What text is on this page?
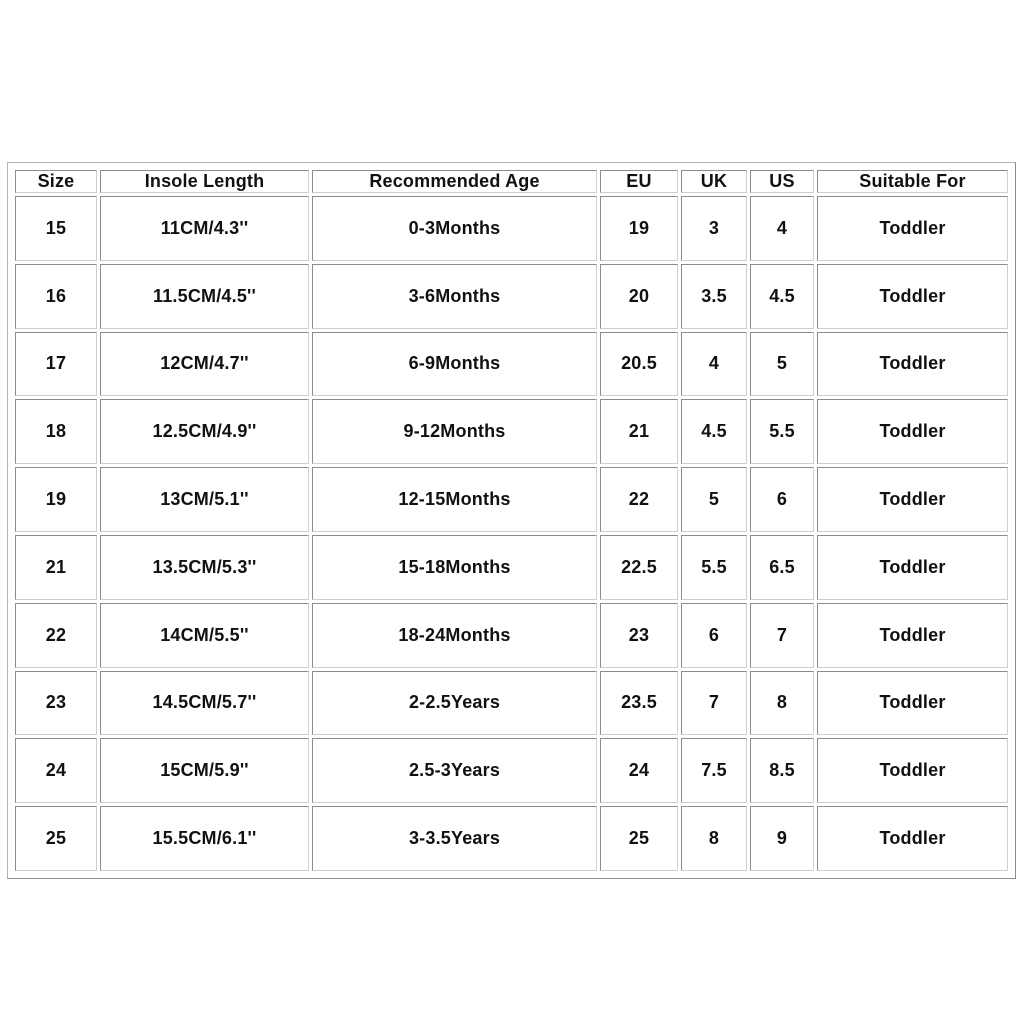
Size	Insole Length	Recommended Age	EU	UK	US	Suitable For
15	11CM/4.3''	0-3Months	19	3	4	Toddler
16	11.5CM/4.5''	3-6Months	20	3.5	4.5	Toddler
17	12CM/4.7''	6-9Months	20.5	4	5	Toddler
18	12.5CM/4.9''	9-12Months	21	4.5	5.5	Toddler
19	13CM/5.1''	12-15Months	22	5	6	Toddler
21	13.5CM/5.3''	15-18Months	22.5	5.5	6.5	Toddler
22	14CM/5.5''	18-24Months	23	6	7	Toddler
23	14.5CM/5.7''	2-2.5Years	23.5	7	8	Toddler
24	15CM/5.9''	2.5-3Years	24	7.5	8.5	Toddler
25	15.5CM/6.1''	3-3.5Years	25	8	9	Toddler
